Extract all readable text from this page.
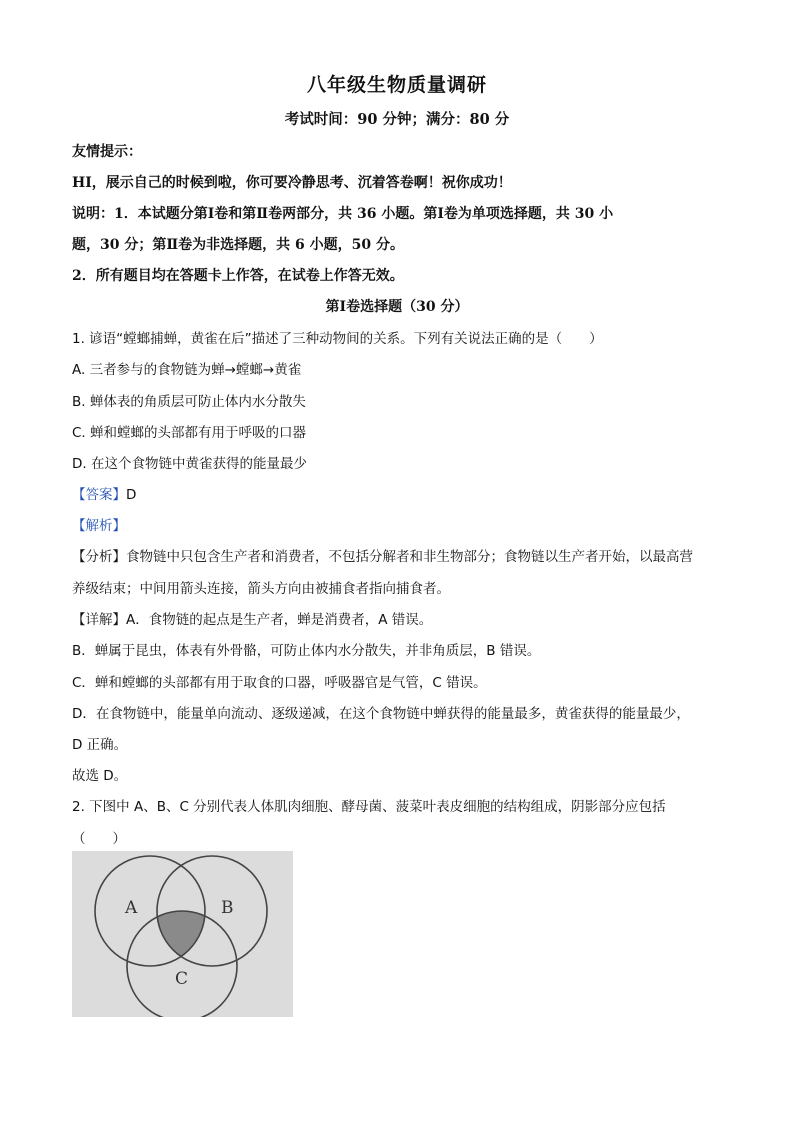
八年级生物质量调研
考试时间：90 分钟；满分：80 分
友情提示：
HI，展示自己的时候到啦，你可要冷静思考、沉着答卷啊！祝你成功！
说明：1．本试题分第Ⅰ卷和第Ⅱ卷两部分，共 36 小题。第Ⅰ卷为单项选择题，共 30 小
题，30 分；第Ⅱ卷为非选择题，共 6 小题，50 分。
2．所有题目均在答题卡上作答，在试卷上作答无效。
第Ⅰ卷选择题（30 分）
1. 谚语“螳螂捕蝉，黄雀在后”描述了三种动物间的关系。下列有关说法正确的是（　　）
A. 三者参与的食物链为蝉→螳螂→黄雀
B. 蝉体表的角质层可防止体内水分散失
C. 蝉和螳螂的头部都有用于呼吸的口器
D. 在这个食物链中黄雀获得的能量最少
【答案】D
【解析】
【分析】食物链中只包含生产者和消费者，不包括分解者和非生物部分；食物链以生产者开始，以最高营
养级结束；中间用箭头连接，箭头方向由被捕食者指向捕食者。
【详解】A．食物链的起点是生产者，蝉是消费者，A 错误。
B．蝉属于昆虫，体表有外骨骼，可防止体内水分散失，并非角质层，B 错误。
C．蝉和螳螂的头部都有用于取食的口器，呼吸器官是气管，C 错误。
D．在食物链中，能量单向流动、逐级递减，在这个食物链中蝉获得的能量最多，黄雀获得的能量最少，
D 正确。
故选 D。
2. 下图中 A、B、C 分别代表人体肌肉细胞、酵母菌、菠菜叶表皮细胞的结构组成，阴影部分应包括
（　　）
A	B
C
